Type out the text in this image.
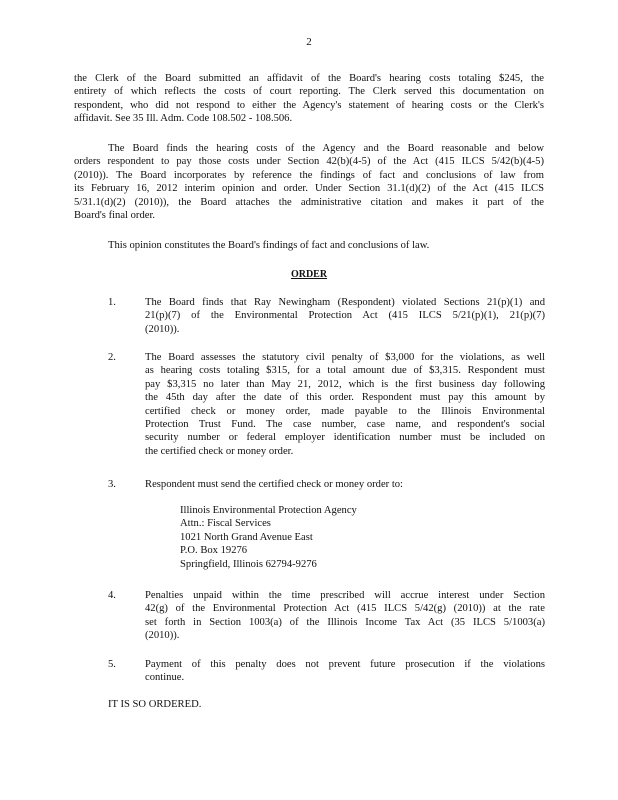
2

the Clerk of the Board submitted an affidavit of the Board's hearing costs totaling $245, the
entirety of which reflects the costs of court reporting. The Clerk served this documentation on
respondent, who did not respond to either the Agency's statement of hearing costs or the Clerk's
affidavit. See 35 Ill. Adm. Code 108.502 - 108.506.

The Board finds the hearing costs of the Agency and the Board reasonable and below
orders respondent to pay those costs under Section 42(b)(4-5) of the Act (415 ILCS 5/42(b)(4-5)
(2010)). The Board incorporates by reference the findings of fact and conclusions of law from
its February 16, 2012 interim opinion and order. Under Section 31.1(d)(2) of the Act (415 ILCS
5/31.1(d)(2) (2010)), the Board attaches the administrative citation and makes it part of the
Board's final order.

This opinion constitutes the Board's findings of fact and conclusions of law.

ORDER
1.	The Board finds that Ray Newingham (Respondent) violated Sections 21(p)(1) and
21(p)(7) of the Environmental Protection Act (415 ILCS 5/21(p)(1), 21(p)(7)
(2010)).
2.	The Board assesses the statutory civil penalty of $3,000 for the violations, as well
as hearing costs totaling $315, for a total amount due of $3,315. Respondent must
pay $3,315 no later than May 21, 2012, which is the first business day following
the 45th day after the date of this order. Respondent must pay this amount by
certified check or money order, made payable to the Illinois Environmental
Protection Trust Fund. The case number, case name, and respondent's social
security number or federal employer identification number must be included on
the certified check or money order.
3.	Respondent must send the certified check or money order to:
Illinois Environmental Protection Agency
Attn.: Fiscal Services
1021 North Grand Avenue East
P.O. Box 19276
Springfield, Illinois 62794-9276
4.	Penalties unpaid within the time prescribed will accrue interest under Section
42(g) of the Environmental Protection Act (415 ILCS 5/42(g) (2010)) at the rate
set forth in Section 1003(a) of the Illinois Income Tax Act (35 ILCS 5/1003(a)
(2010)).
5.	Payment of this penalty does not prevent future prosecution if the violations
continue.
IT IS SO ORDERED.
